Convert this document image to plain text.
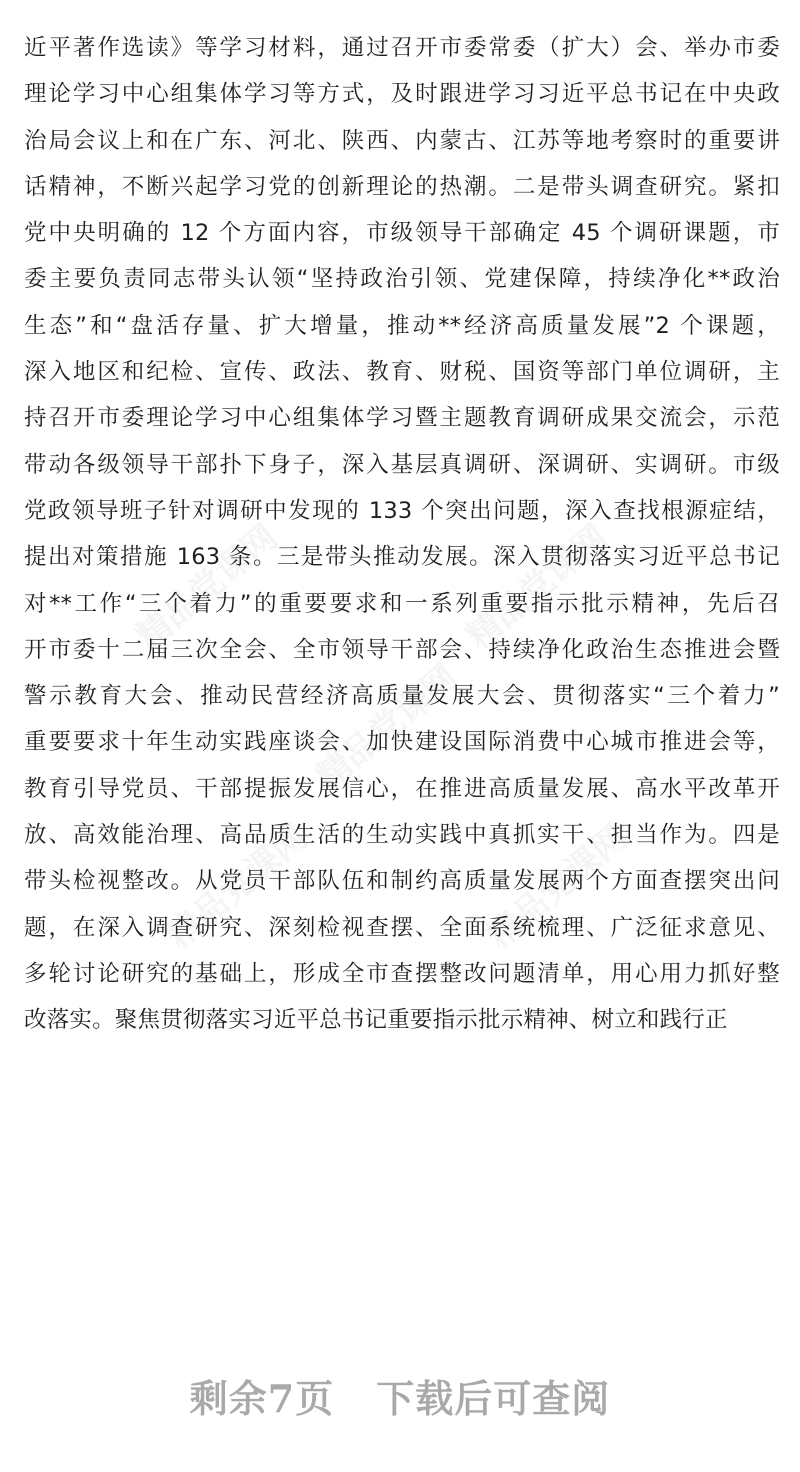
精品党课网	精品党课网
精品党课网
精品党课网	精品党课网
近平著作选读》等学习材料，通过召开市委常委（扩大）会、举办市委
理论学习中心组集体学习等方式，及时跟进学习习近平总书记在中央政
治局会议上和在广东、河北、陕西、内蒙古、江苏等地考察时的重要讲
话精神，不断兴起学习党的创新理论的热潮。二是带头调查研究。紧扣
党中央明确的 12 个方面内容，市级领导干部确定 45 个调研课题，市
委主要负责同志带头认领“坚持政治引领、党建保障，持续净化**政治
生态”和“盘活存量、扩大增量，推动**经济高质量发展”2 个课题，
深入地区和纪检、宣传、政法、教育、财税、国资等部门单位调研，主
持召开市委理论学习中心组集体学习暨主题教育调研成果交流会，示范
带动各级领导干部扑下身子，深入基层真调研、深调研、实调研。市级
党政领导班子针对调研中发现的 133 个突出问题，深入查找根源症结，
提出对策措施 163 条。三是带头推动发展。深入贯彻落实习近平总书记
对**工作“三个着力”的重要要求和一系列重要指示批示精神，先后召
开市委十二届三次全会、全市领导干部会、持续净化政治生态推进会暨
警示教育大会、推动民营经济高质量发展大会、贯彻落实“三个着力”
重要要求十年生动实践座谈会、加快建设国际消费中心城市推进会等，
教育引导党员、干部提振发展信心，在推进高质量发展、高水平改革开
放、高效能治理、高品质生活的生动实践中真抓实干、担当作为。四是
带头检视整改。从党员干部队伍和制约高质量发展两个方面查摆突出问
题，在深入调查研究、深刻检视查摆、全面系统梳理、广泛征求意见、
多轮讨论研究的基础上，形成全市查摆整改问题清单，用心用力抓好整
改落实。聚焦贯彻落实习近平总书记重要指示批示精神、树立和践行正
剩余7页 下载后可查阅
